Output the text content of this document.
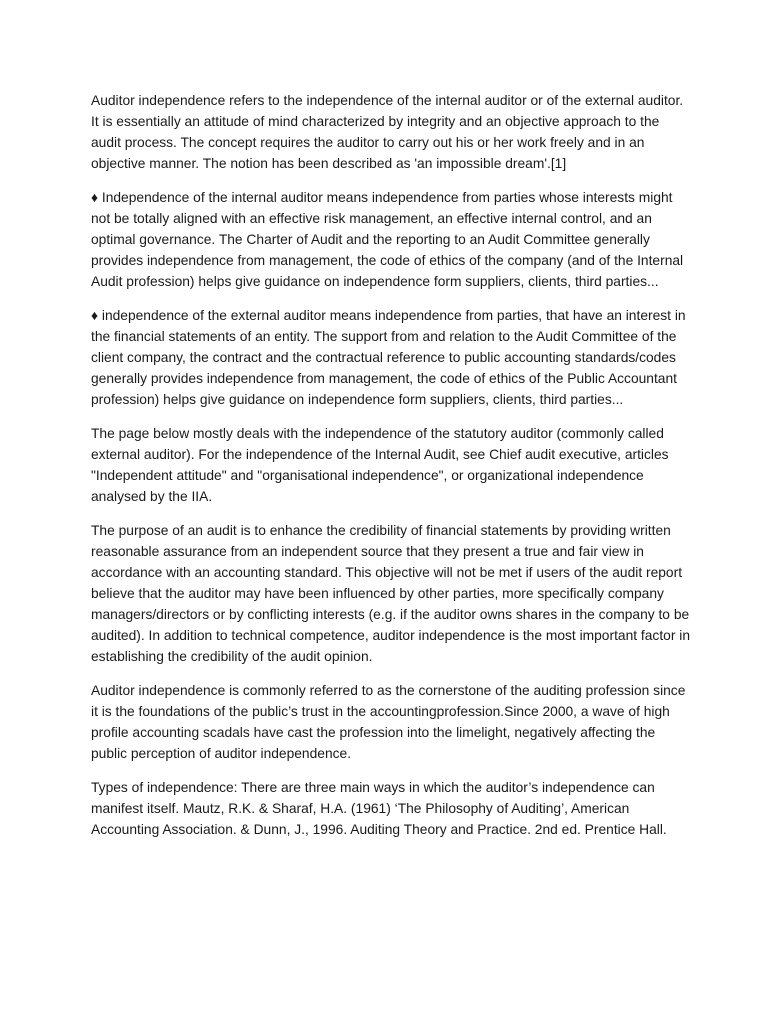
Auditor independence refers to the independence of the internal auditor or of the external auditor. It is essentially an attitude of mind characterized by integrity and an objective approach to the audit process. The concept requires the auditor to carry out his or her work freely and in an objective manner. The notion has been described as 'an impossible dream'.[1]

♦ Independence of the internal auditor means independence from parties whose interests might not be totally aligned with an effective risk management, an effective internal control, and an optimal governance. The Charter of Audit and the reporting to an Audit Committee generally provides independence from management, the code of ethics of the company (and of the Internal Audit profession) helps give guidance on independence form suppliers, clients, third parties...

♦ independence of the external auditor means independence from parties, that have an interest in the financial statements of an entity. The support from and relation to the Audit Committee of the client company, the contract and the contractual reference to public accounting standards/codes generally provides independence from management, the code of ethics of the Public Accountant profession) helps give guidance on independence form suppliers, clients, third parties...

The page below mostly deals with the independence of the statutory auditor (commonly called external auditor). For the independence of the Internal Audit, see Chief audit executive, articles "Independent attitude" and "organisational independence", or organizational independence analysed by the IIA.

The purpose of an audit is to enhance the credibility of financial statements by providing written reasonable assurance from an independent source that they present a true and fair view in accordance with an accounting standard. This objective will not be met if users of the audit report believe that the auditor may have been influenced by other parties, more specifically company managers/directors or by conflicting interests (e.g. if the auditor owns shares in the company to be audited). In addition to technical competence, auditor independence is the most important factor in establishing the credibility of the audit opinion.

Auditor independence is commonly referred to as the cornerstone of the auditing profession since it is the foundations of the public’s trust in the accountingprofession.Since 2000, a wave of high profile accounting scadals have cast the profession into the limelight, negatively affecting the public perception of auditor independence.

Types of independence: There are three main ways in which the auditor’s independence can manifest itself. Mautz, R.K. & Sharaf, H.A. (1961) ‘The Philosophy of Auditing’, American Accounting Association. & Dunn, J., 1996. Auditing Theory and Practice. 2nd ed. Prentice Hall.
